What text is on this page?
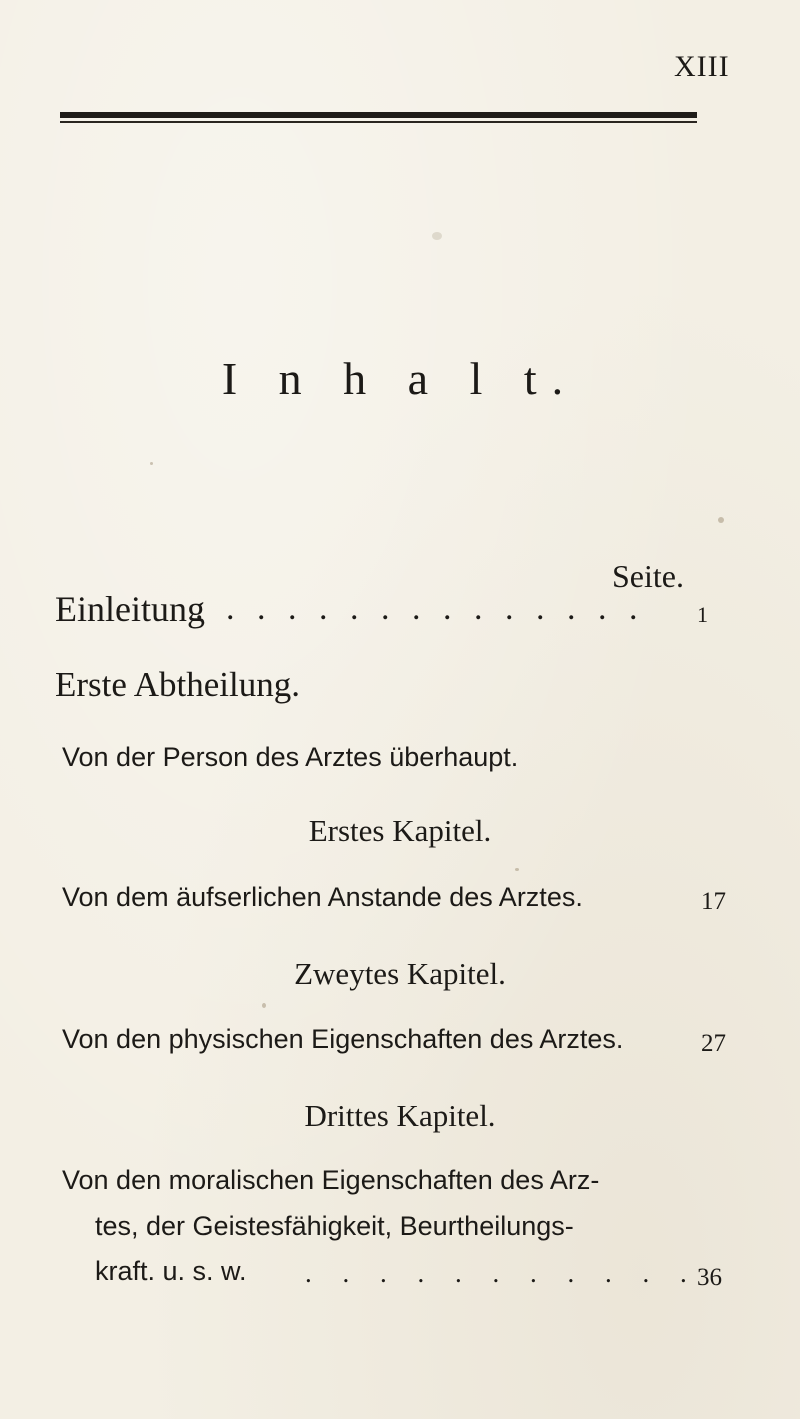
XIII
I n h a l t.
Seite.
Einleitung
. . . . . . . . . . . . . . . 1
Erste Abtheilung.
Von der Person des Arztes überhaupt.
Erstes Kapitel.
Von dem äufserlichen Anstande des Arztes.	17
Zweytes Kapitel.
Von den physischen Eigenschaften des Arztes.	27
Drittes Kapitel.
Von den moralischen Eigenschaften des Arz-
tes, der Geistesfähigkeit, Beurtheilungs-
kraft. u. s. w. . . . . . . . . . . .
36
